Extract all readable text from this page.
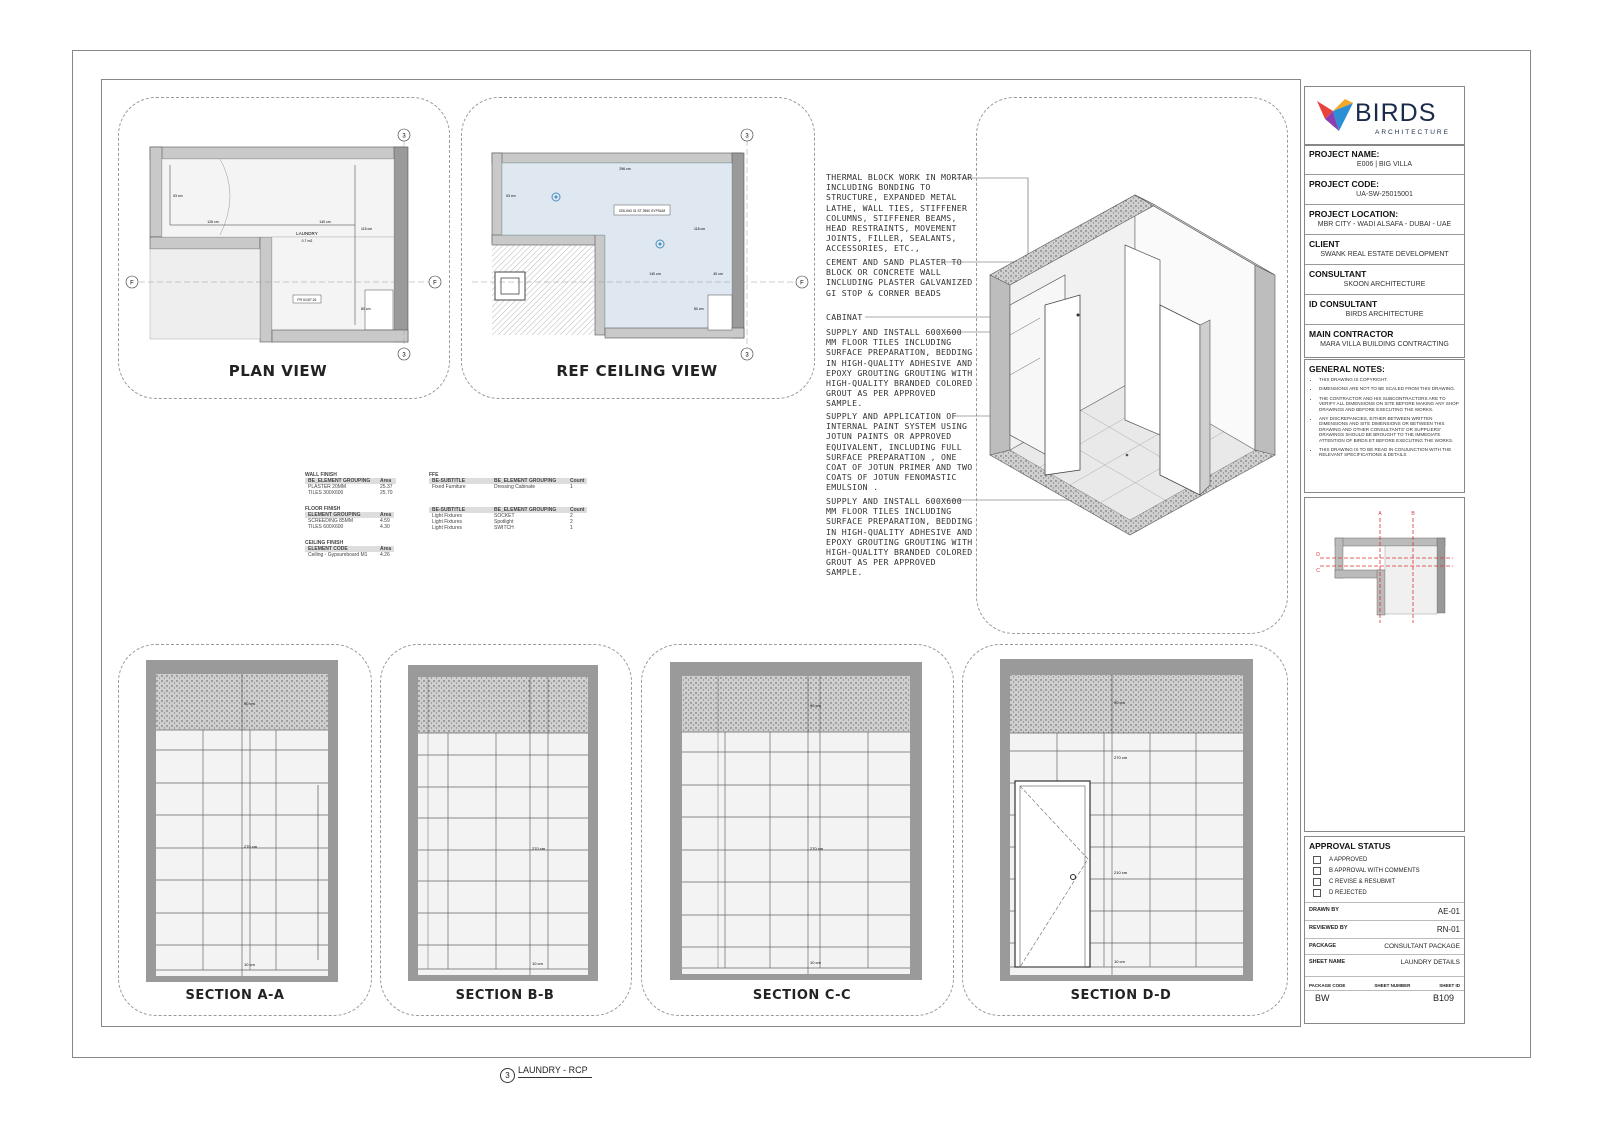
F	F
3
3
LAUNDRY
0.7 m2
FR 01/07.01
126 cm	140 cm
115 cm
80 cm
93 cm
PLAN VIEW
F
3
3
CEILING 01 ST 2550 GYPSUM
296 cm
93 cm
140 cm
118 cm
40 cm
80 cm
REF CEILING VIEW
WALL FINISH
BE_ELEMENT GROUPING	Area
PLASTER 20MM	25.37
TILES 300X600	25.70
FLOOR FINISH
ELEMENT GROUPING	Area
SCREEDING 85MM	4.59
TILES 600X600	4.30
CEILING FINISH
ELEMENT CODE	Area
Ceiling - Gypsumboard M1	4.26
FFE
BE-SUBTITLE	BE_ELEMENT GROUPING	Count
Fixed Furniture	Dressing Cabinate	1
BE-SUBTITLE	BE_ELEMENT GROUPING	Count
Light Fixtures	SOCKET	2
Light Fixtures	Spotlight	2
Light Fixtures	SWITCH	1
THERMAL BLOCK WORK IN MORTAR INCLUDING BONDING TO STRUCTURE, EXPANDED METAL LATHE, WALL TIES, STIFFENER COLUMNS, STIFFENER BEAMS, HEAD RESTRAINTS, MOVEMENT JOINTS, FILLER, SEALANTS, ACCESSORIES, ETC.,
CEMENT AND SAND PLASTER TO BLOCK OR CONCRETE WALL INCLUDING PLASTER GALVANIZED GI STOP & CORNER BEADS
CABINAT
SUPPLY AND INSTALL 600X600 MM FLOOR TILES INCLUDING SURFACE PREPARATION, BEDDING IN HIGH-QUALITY ADHESIVE AND EPOXY GROUTING GROUTING WITH HIGH-QUALITY BRANDED COLORED GROUT AS PER APPROVED SAMPLE.
SUPPLY AND APPLICATION OF INTERNAL PAINT SYSTEM USING JOTUN PAINTS OR APPROVED EQUIVALENT, INCLUDING FULL SURFACE PREPARATION , ONE COAT OF JOTUN PRIMER AND TWO COATS OF JOTUN FENOMASTIC EMULSION .
SUPPLY AND INSTALL 600X600 MM FLOOR TILES INCLUDING SURFACE PREPARATION, BEDDING IN HIGH-QUALITY ADHESIVE AND EPOXY GROUTING GROUTING WITH HIGH-QUALITY BRANDED COLORED GROUT AS PER APPROVED SAMPLE.
90 cm
270 cm
10 cm
SECTION A-A
270 cm
10 cm
SECTION B-B
90 cm
270 cm
10 cm
SECTION C-C
90 cm
270 cm
210 cm
10 cm
SECTION D-D
BIRDS
ARCHITECTURE
PROJECT NAME:
E006 | BIG VILLA
PROJECT CODE:
UA-SW-25015001
PROJECT LOCATION:
MBR CITY - WADI ALSAFA - DUBAI - UAE
CLIENT
SWANK REAL ESTATE DEVELOPMENT
CONSULTANT
SKOON ARCHITECTURE
ID CONSULTANT
BIRDS ARCHITECTURE
MAIN CONTRACTOR
MARA VILLA BUILDING CONTRACTING
GENERAL NOTES:
• THIS DRAWING IS COPYRIGHT.
• DIMENSIONS ARE NOT TO BE SCALED FROM THIS DRAWING.
• THE CONTRACTOR AND HIS SUBCONTRACTORS ARE TO VERIFY ALL DIMENSIONS ON SITE BEFORE MAKING ANY SHOP DRAWINGS AND BEFORE EXECUTING THE WORKS.
• ANY DISCREPANCIES, EITHER BETWEEN WRITTEN DIMENSIONS AND SITE DIMENSIONS OR BETWEEN THIS DRAWING AND OTHER CONSULTANTS' OR SUPPLIERS' DRAWINGS SHOULD BE BROUGHT TO THE IMMEDIATE ATTENTION OF BIRDS ET BEFORE EXECUTING THE WORKS.
• THIS DRAWING IS TO BE READ IN CONJUNCTION WITH THE RELEVANT SPECIFICATIONS & DETAILS
A	B
D
C
APPROVAL STATUS
A APPROVED
B APPROVAL WITH COMMENTS
C REVISE & RESUBMIT
D REJECTED
DRAWN BY	AE-01
REVIEWED BY	RN-01
PACKAGE	CONSULTANT PACKAGE
SHEET NAME	LAUNDRY DETAILS
PACKAGE CODE	SHEET NUMBER	SHEET ID
BW	B109
3
LAUNDRY - RCP
